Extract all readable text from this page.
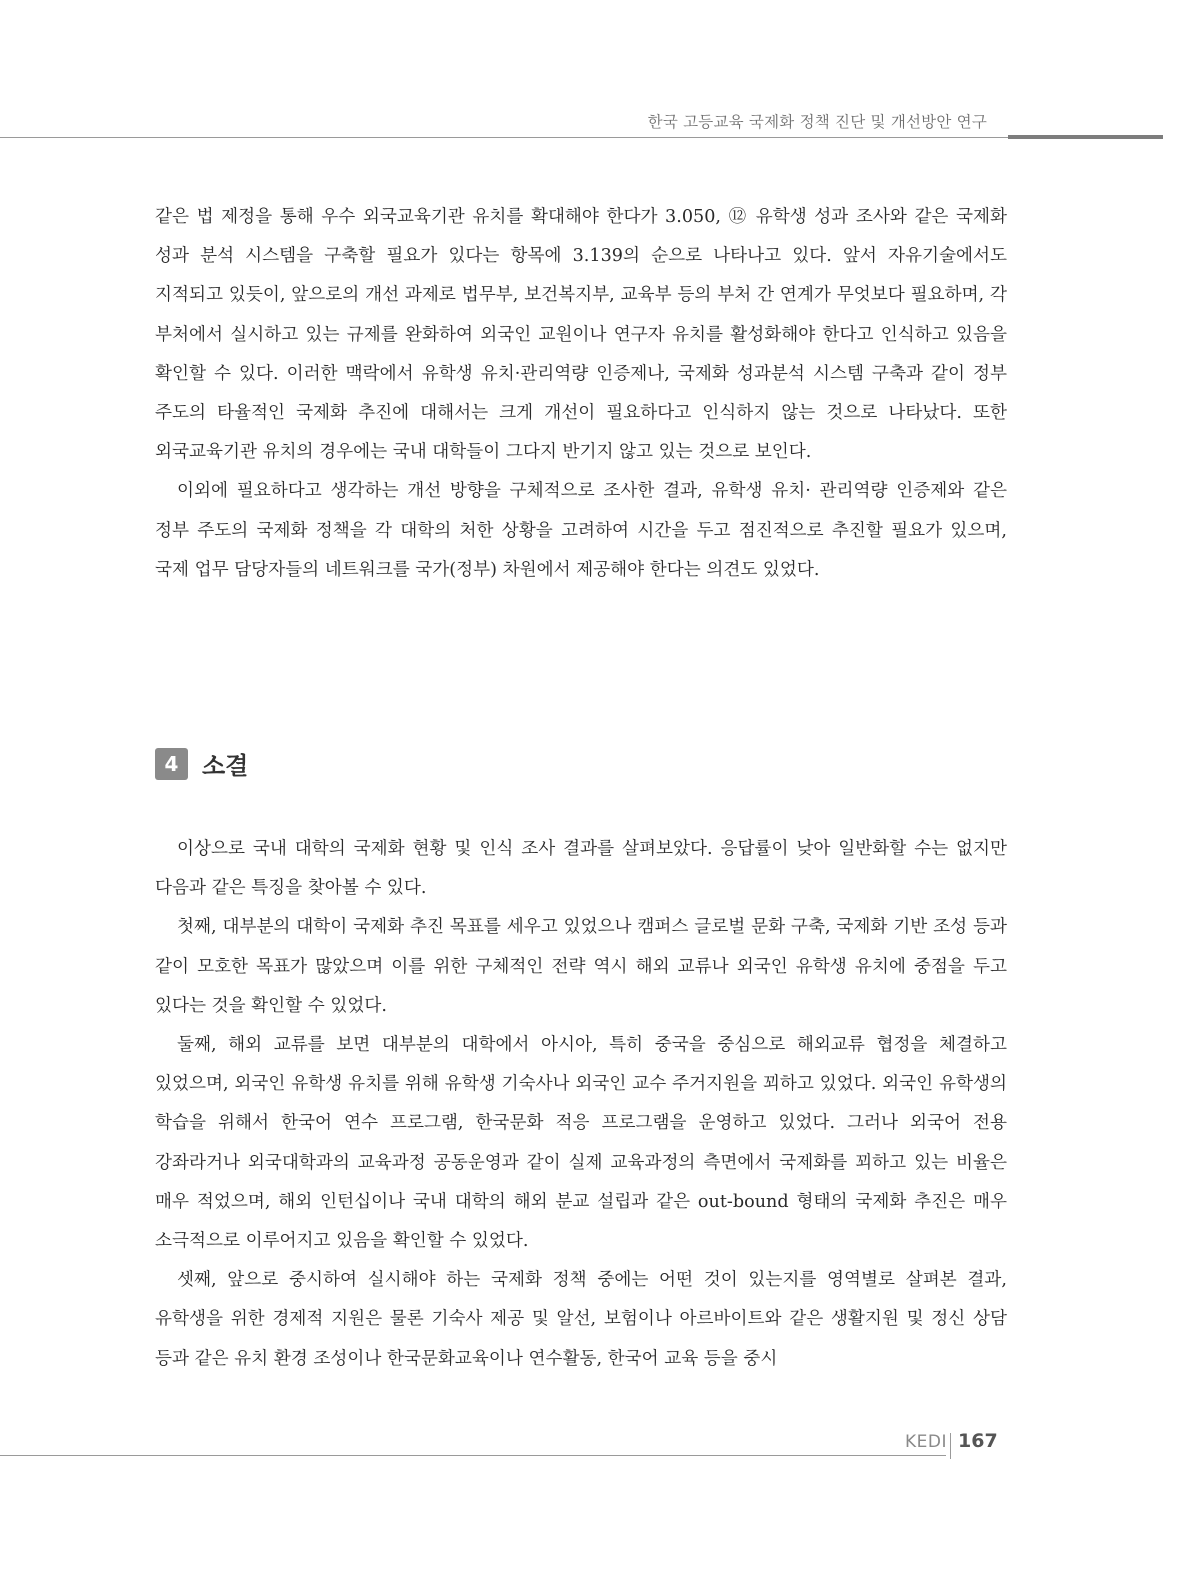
한국 고등교육 국제화 정책 진단 및 개선방안 연구

같은 법 제정을 통해 우수 외국교육기관 유치를 확대해야 한다가 3.050, ⑫ 유학생 성과 조사와 같은 국제화 성과 분석 시스템을 구축할 필요가 있다는 항목에 3.139의 순으로 나타나고 있다. 앞서 자유기술에서도 지적되고 있듯이, 앞으로의 개선 과제로 법무부, 보건복지부, 교육부 등의 부처 간 연계가 무엇보다 필요하며, 각 부처에서 실시하고 있는 규제를 완화하여 외국인 교원이나 연구자 유치를 활성화해야 한다고 인식하고 있음을 확인할 수 있다. 이러한 맥락에서 유학생 유치·관리역량 인증제나, 국제화 성과분석 시스템 구축과 같이 정부 주도의 타율적인 국제화 추진에 대해서는 크게 개선이 필요하다고 인식하지 않는 것으로 나타났다. 또한 외국교육기관 유치의 경우에는 국내 대학들이 그다지 반기지 않고 있는 것으로 보인다.

이외에 필요하다고 생각하는 개선 방향을 구체적으로 조사한 결과, 유학생 유치· 관리역량 인증제와 같은 정부 주도의 국제화 정책을 각 대학의 처한 상황을 고려하여 시간을 두고 점진적으로 추진할 필요가 있으며, 국제 업무 담당자들의 네트워크를 국가(정부) 차원에서 제공해야 한다는 의견도 있었다.

4 소결

이상으로 국내 대학의 국제화 현황 및 인식 조사 결과를 살펴보았다. 응답률이 낮아 일반화할 수는 없지만 다음과 같은 특징을 찾아볼 수 있다.

첫째, 대부분의 대학이 국제화 추진 목표를 세우고 있었으나 캠퍼스 글로벌 문화 구축, 국제화 기반 조성 등과 같이 모호한 목표가 많았으며 이를 위한 구체적인 전략 역시 해외 교류나 외국인 유학생 유치에 중점을 두고 있다는 것을 확인할 수 있었다.

둘째, 해외 교류를 보면 대부분의 대학에서 아시아, 특히 중국을 중심으로 해외교류 협정을 체결하고 있었으며, 외국인 유학생 유치를 위해 유학생 기숙사나 외국인 교수 주거지원을 꾀하고 있었다. 외국인 유학생의 학습을 위해서 한국어 연수 프로그램, 한국문화 적응 프로그램을 운영하고 있었다. 그러나 외국어 전용 강좌라거나 외국대학과의 교육과정 공동운영과 같이 실제 교육과정의 측면에서 국제화를 꾀하고 있는 비율은 매우 적었으며, 해외 인턴십이나 국내 대학의 해외 분교 설립과 같은 out-bound 형태의 국제화 추진은 매우 소극적으로 이루어지고 있음을 확인할 수 있었다.

셋째, 앞으로 중시하여 실시해야 하는 국제화 정책 중에는 어떤 것이 있는지를 영역별로 살펴본 결과, 유학생을 위한 경제적 지원은 물론 기숙사 제공 및 알선, 보험이나 아르바이트와 같은 생활지원 및 정신 상담 등과 같은 유치 환경 조성이나 한국문화교육이나 연수활동, 한국어 교육 등을 중시

KEDI 167
